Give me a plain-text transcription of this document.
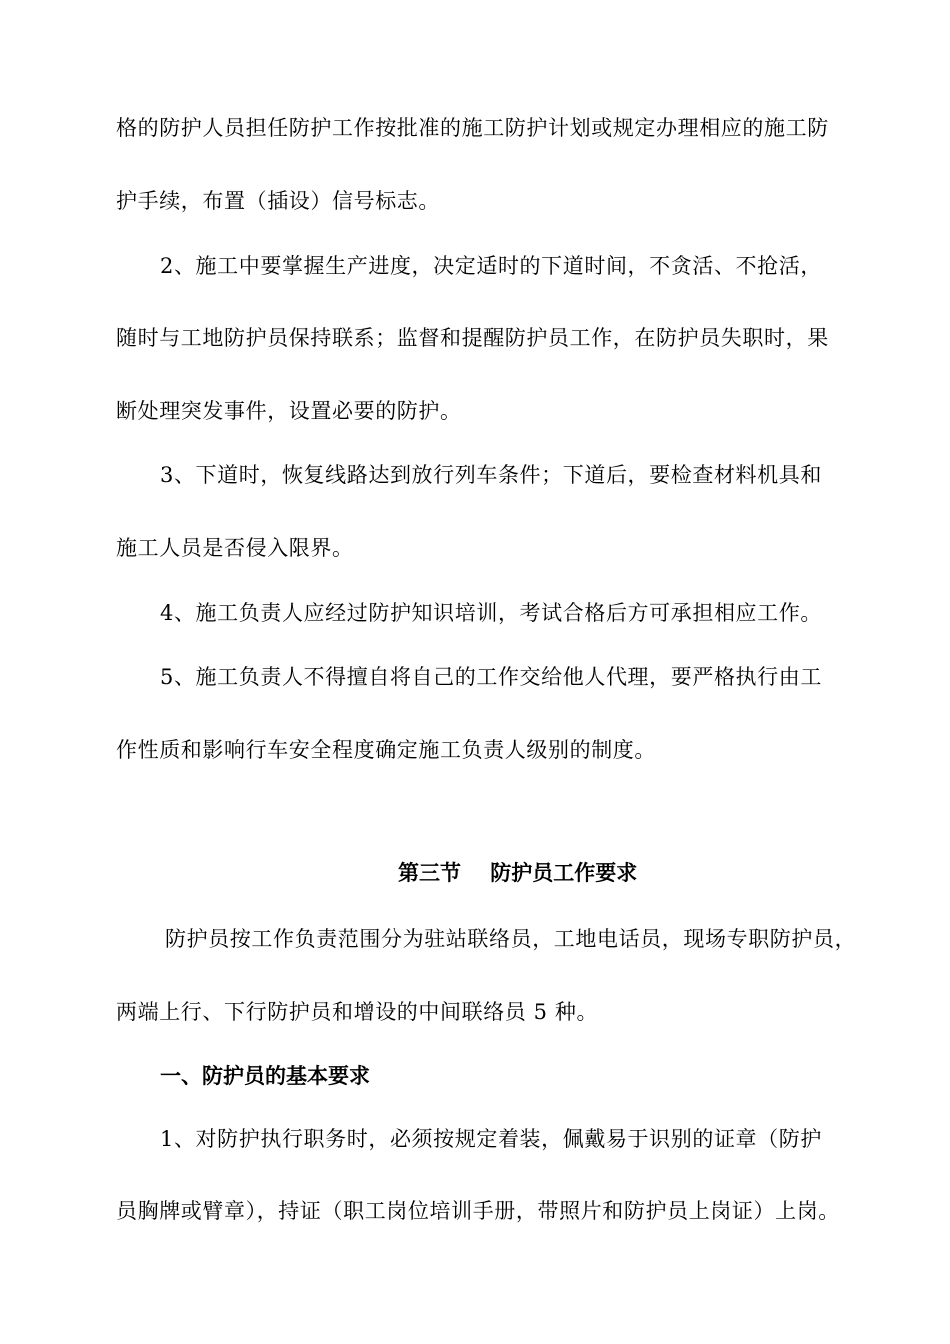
格的防护人员担任防护工作按批准的施工防护计划或规定办理相应的施工防
护手续，布置（插设）信号标志。
2、施工中要掌握生产进度，决定适时的下道时间，不贪活、不抢活，
随时与工地防护员保持联系；监督和提醒防护员工作，在防护员失职时，果
断处理突发事件，设置必要的防护。
3、下道时，恢复线路达到放行列车条件；下道后，要检查材料机具和
施工人员是否侵入限界。
4、施工负责人应经过防护知识培训，考试合格后方可承担相应工作。
5、施工负责人不得擅自将自己的工作交给他人代理，要严格执行由工
作性质和影响行车安全程度确定施工负责人级别的制度。
第三节    防护员工作要求
防护员按工作负责范围分为驻站联络员，工地电话员，现场专职防护员，
两端上行、下行防护员和增设的中间联络员 5 种。
一、防护员的基本要求
1、对防护执行职务时，必须按规定着装，佩戴易于识别的证章（防护
员胸牌或臂章），持证（职工岗位培训手册，带照片和防护员上岗证）上岗。
